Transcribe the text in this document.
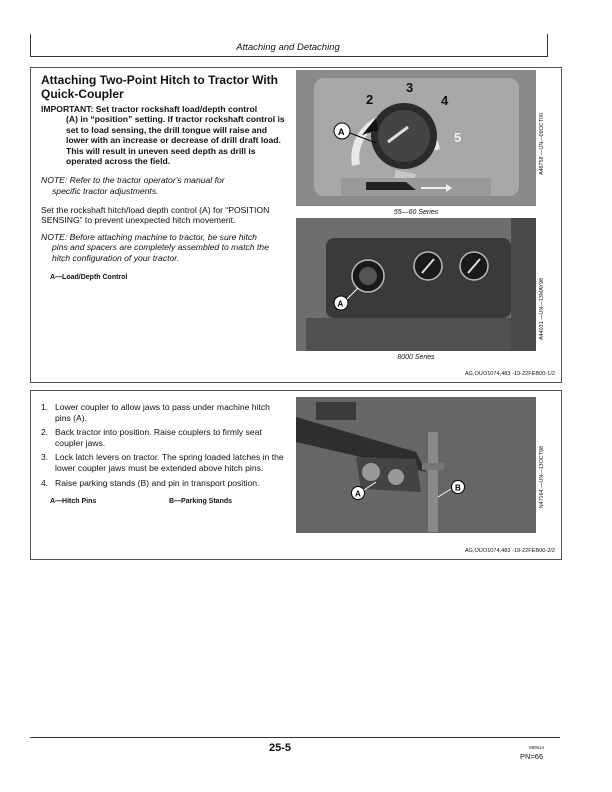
Attaching and Detaching
Attaching Two-Point Hitch to Tractor With Quick-Coupler
IMPORTANT: Set tractor rockshaft load/depth control
(A) in “position” setting. If tractor rockshaft control is set to load sensing, the drill tongue will raise and lower with an increase or decrease of drill draft load. This will result in uneven seed depth as drill is operated across the field.
NOTE: Refer to the tractor operator's manual for
specific tractor adjustments.
Set the rockshaft hitch/load depth control (A) for “POSITION SENSING” to prevent unexpected hitch movement.
NOTE: Before attaching machine to tractor, be sure hitch
pins and spacers are completely assembled to match the hitch configuration of your tractor.
A—Load/Depth Control
2
3
4
5
A
55—60 Series
A46758 —UN—09OCT00
A
8000 Series
A44031 —UN—13MAY98
AG,OUO1074,483 -19-22FEB00-1/2
1. Lower coupler to allow jaws to pass under machine hitch pins (A).
2. Back tractor into position. Raise couplers to firmly seat coupler jaws.
3. Lock latch levers on tractor. The spring loaded latches in the lower coupler jaws must be extended above hitch pins.
4. Raise parking stands (B) and pin in transport position.
A—Hitch Pins	B—Parking Stands
A
B	N47164 —UN—13OCT98
AG,OUO1074,483 -19-22FEB00-2/2
25-5	080514
PN=66
